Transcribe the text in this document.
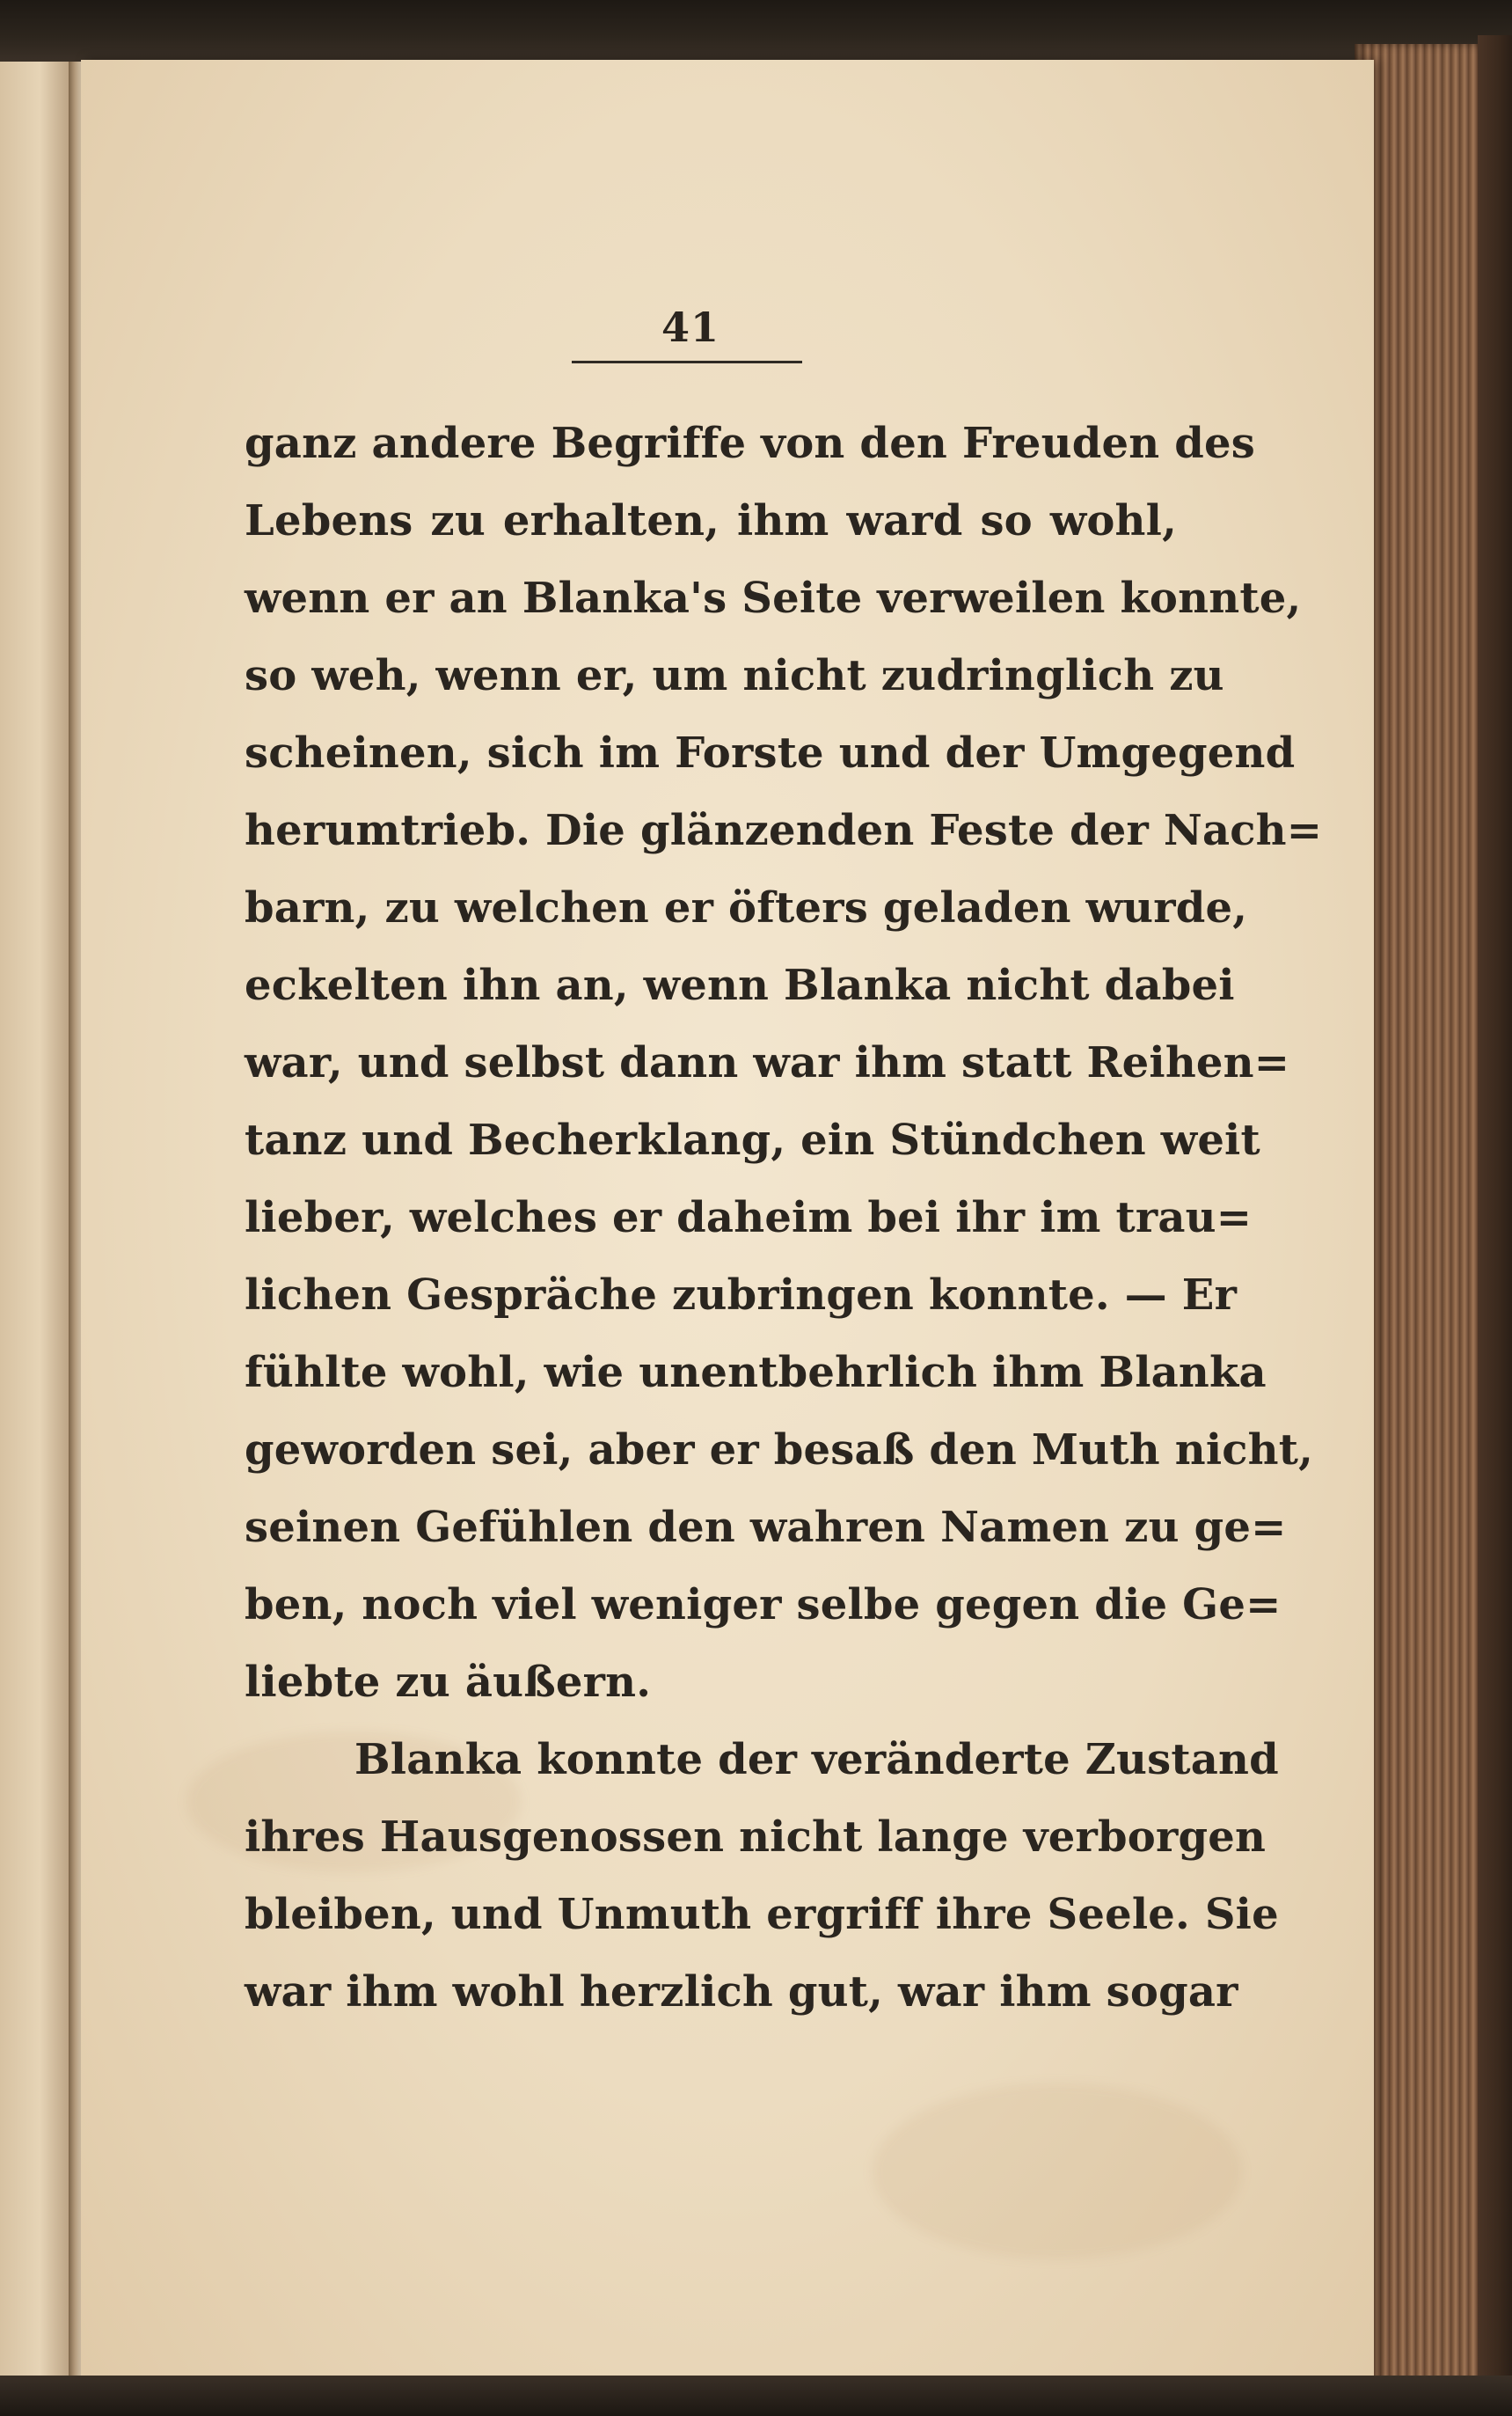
41
ganz andere Begriffe von den Freuden des
Lebens zu erhalten, ihm ward so wohl,
wenn er an Blanka's Seite verweilen konnte,
so weh, wenn er, um nicht zudringlich zu
scheinen, sich im Forste und der Umgegend
herumtrieb. Die glänzenden Feste der Nach=
barn, zu welchen er öfters geladen wurde,
eckelten ihn an, wenn Blanka nicht dabei
war, und selbst dann war ihm statt Reihen=
tanz und Becherklang, ein Stündchen weit
lieber, welches er daheim bei ihr im trau=
lichen Gespräche zubringen konnte. — Er
fühlte wohl, wie unentbehrlich ihm Blanka
geworden sei, aber er besaß den Muth nicht,
seinen Gefühlen den wahren Namen zu ge=
ben, noch viel weniger selbe gegen die Ge=
liebte zu äußern.
Blanka konnte der veränderte Zustand
ihres Hausgenossen nicht lange verborgen
bleiben, und Unmuth ergriff ihre Seele. Sie
war ihm wohl herzlich gut, war ihm sogar
